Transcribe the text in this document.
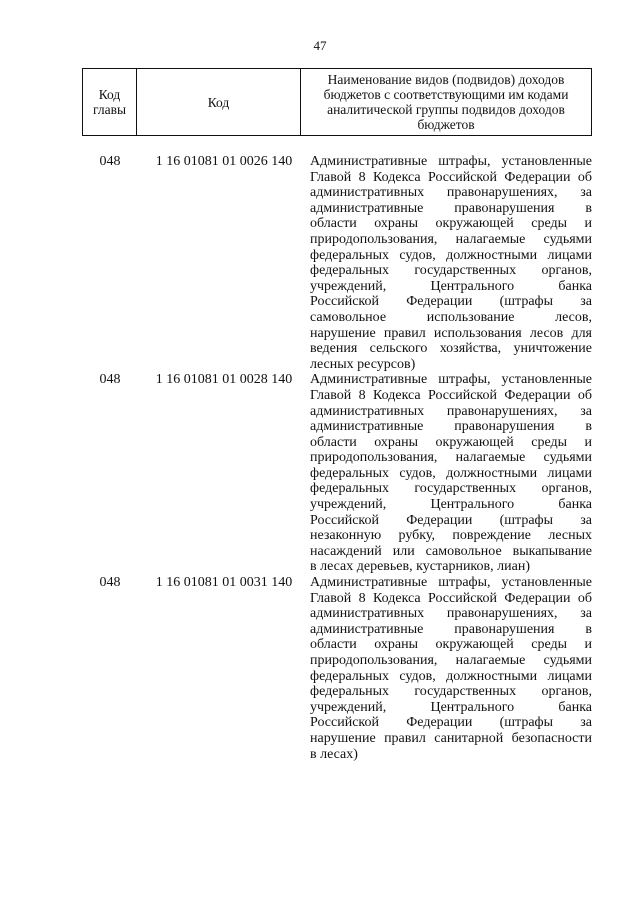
47
Код главы	Код	Наименование видов (подвидов) доходов бюджетов с соответствующими им кодами аналитической группы подвидов доходов бюджетов
048	1 16 01081 01 0026 140	Административные штрафы, установленные
Главой 8 Кодекса Российской Федерации об
административных правонарушениях, за
административные правонарушения в
области охраны окружающей среды и
природопользования, налагаемые судьями
федеральных судов, должностными лицами
федеральных государственных органов,
учреждений, Центрального банка
Российской Федерации (штрафы за
самовольное использование лесов,
нарушение правил использования лесов для
ведения сельского хозяйства, уничтожение
лесных ресурсов)
048	1 16 01081 01 0028 140	Административные штрафы, установленные
Главой 8 Кодекса Российской Федерации об
административных правонарушениях, за
административные правонарушения в
области охраны окружающей среды и
природопользования, налагаемые судьями
федеральных судов, должностными лицами
федеральных государственных органов,
учреждений, Центрального банка
Российской Федерации (штрафы за
незаконную рубку, повреждение лесных
насаждений или самовольное выкапывание
в лесах деревьев, кустарников, лиан)
048	1 16 01081 01 0031 140	Административные штрафы, установленные
Главой 8 Кодекса Российской Федерации об
административных правонарушениях, за
административные правонарушения в
области охраны окружающей среды и
природопользования, налагаемые судьями
федеральных судов, должностными лицами
федеральных государственных органов,
учреждений, Центрального банка
Российской Федерации (штрафы за
нарушение правил санитарной безопасности
в лесах)
